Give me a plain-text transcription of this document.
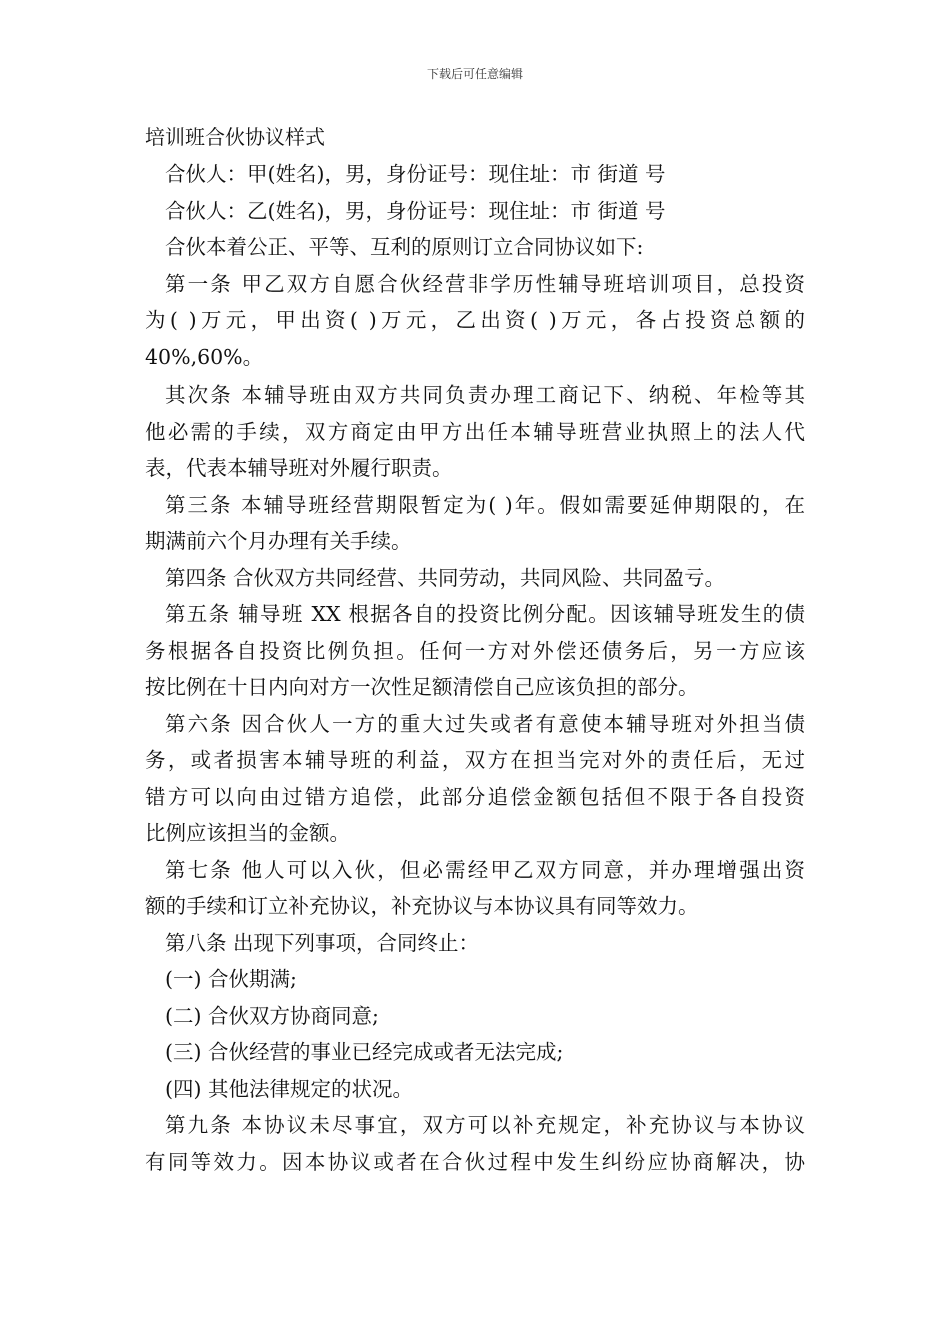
下载后可任意编辑
培训班合伙协议样式

合伙人：甲(姓名)，男，身份证号：现住址：市 街道 号

合伙人：乙(姓名)，男，身份证号：现住址：市 街道 号

合伙本着公正、平等、互利的原则订立合同协议如下:

第一条 甲乙双方自愿合伙经营非学历性辅导班培训项目，总投资

为( )万元，甲出资( )万元，乙出资( )万元，各占投资总额的

40%,60%。

其次条 本辅导班由双方共同负责办理工商记下、纳税、年检等其

他必需的手续，双方商定由甲方出任本辅导班营业执照上的法人代

表，代表本辅导班对外履行职责。

第三条 本辅导班经营期限暂定为( )年。假如需要延伸期限的，在

期满前六个月办理有关手续。

第四条 合伙双方共同经营、共同劳动，共同风险、共同盈亏。

第五条 辅导班 XX 根据各自的投资比例分配。因该辅导班发生的债

务根据各自投资比例负担。任何一方对外偿还债务后，另一方应该

按比例在十日内向对方一次性足额清偿自己应该负担的部分。

第六条 因合伙人一方的重大过失或者有意使本辅导班对外担当债

务，或者损害本辅导班的利益，双方在担当完对外的责任后，无过

错方可以向由过错方追偿，此部分追偿金额包括但不限于各自投资

比例应该担当的金额。

第七条 他人可以入伙，但必需经甲乙双方同意，并办理增强出资

额的手续和订立补充协议，补充协议与本协议具有同等效力。

第八条 出现下列事项，合同终止：

(一) 合伙期满;

(二) 合伙双方协商同意;

(三) 合伙经营的事业已经完成或者无法完成;

(四) 其他法律规定的状况。

第九条 本协议未尽事宜，双方可以补充规定，补充协议与本协议

有同等效力。因本协议或者在合伙过程中发生纠纷应协商解决，协
